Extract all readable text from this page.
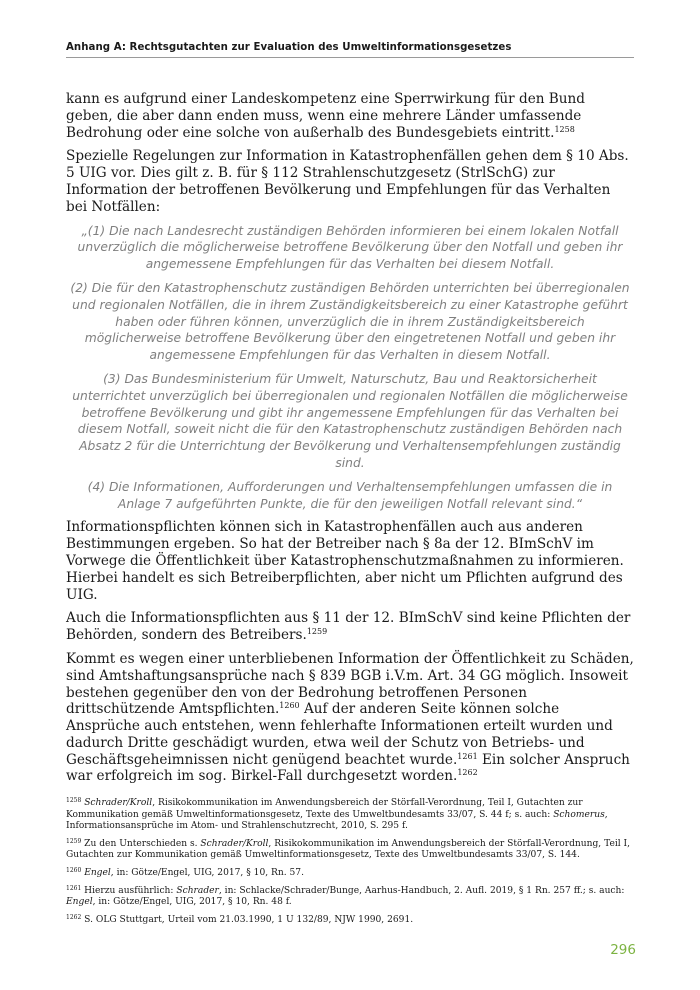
Anhang A: Rechtsgutachten zur Evaluation des Umweltinformationsgesetzes

kann es aufgrund einer Landeskompetenz eine Sperrwirkung für den Bund geben, die aber dann enden muss, wenn eine mehrere Länder umfassende Bedrohung oder eine solche von außerhalb des Bundesgebiets eintritt.$^{1258}$

Spezielle Regelungen zur Information in Katastrophenfällen gehen dem § 10 Abs. 5 UIG vor. Dies gilt z. B. für § 112 Strahlenschutzgesetz (StrlSchG) zur Information der betroffenen Bevölkerung und Empfehlungen für das Verhalten bei Notfällen:

„(1) Die nach Landesrecht zuständigen Behörden informieren bei einem lokalen Notfall unverzüglich die möglicherweise betroffene Bevölkerung über den Notfall und geben ihr angemessene Empfehlungen für das Verhalten bei diesem Notfall.
(2) Die für den Katastrophenschutz zuständigen Behörden unterrichten bei überregionalen und regionalen Notfällen, die in ihrem Zuständigkeitsbereich zu einer Katastrophe geführt haben oder führen können, unverzüglich die in ihrem Zuständigkeitsbereich möglicherweise betroffene Bevölkerung über den eingetretenen Notfall und geben ihr angemessene Empfehlungen für das Verhalten in diesem Notfall.
(3) Das Bundesministerium für Umwelt, Naturschutz, Bau und Reaktorsicherheit unterrichtet unverzüglich bei überregionalen und regionalen Notfällen die möglicherweise betroffene Bevölkerung und gibt ihr angemessene Empfehlungen für das Verhalten bei diesem Notfall, soweit nicht die für den Katastrophenschutz zuständigen Behörden nach Absatz 2 für die Unterrichtung der Bevölkerung und Verhaltensempfehlungen zuständig sind.
(4) Die Informationen, Aufforderungen und Verhaltensempfehlungen umfassen die in Anlage 7 aufgeführten Punkte, die für den jeweiligen Notfall relevant sind.“

Informationspflichten können sich in Katastrophenfällen auch aus anderen Bestimmungen ergeben. So hat der Betreiber nach § 8a der 12. BImSchV im Vorwege die Öffentlichkeit über Katastrophenschutzmaßnahmen zu informieren. Hierbei handelt es sich Betreiberpflichten, aber nicht um Pflichten aufgrund des UIG.

Auch die Informationspflichten aus § 11 der 12. BImSchV sind keine Pflichten der Behörden, sondern des Betreibers.$^{1259}$

Kommt es wegen einer unterbliebenen Information der Öffentlichkeit zu Schäden, sind Amtshaftungsansprüche nach § 839 BGB i.V.m. Art. 34 GG möglich. Insoweit bestehen gegenüber den von der Bedrohung betroffenen Personen drittschützende Amtspflichten.$^{1260}$ Auf der anderen Seite können solche Ansprüche auch entstehen, wenn fehlerhafte Informationen erteilt wurden und dadurch Dritte geschädigt wurden, etwa weil der Schutz von Betriebs- und Geschäftsgeheimnissen nicht genügend beachtet wurde.$^{1261}$ Ein solcher Anspruch war erfolgreich im sog. Birkel-Fall durchgesetzt worden.$^{1262}$

$^{1258}$ Schrader/Kroll, Risikokommunikation im Anwendungsbereich der Störfall-Verordnung, Teil I, Gutachten zur Kommunikation gemäß Umweltinformationsgesetz, Texte des Umweltbundesamts 33/07, S. 44 f; s. auch: Schomerus, Informationsansprüche im Atom- und Strahlenschutzrecht, 2010, S. 295 f.
$^{1259}$ Zu den Unterschieden s. Schrader/Kroll, Risikokommunikation im Anwendungsbereich der Störfall-Verordnung, Teil I, Gutachten zur Kommunikation gemäß Umweltinformationsgesetz, Texte des Umweltbundesamts 33/07, S. 144.
$^{1260}$ Engel, in: Götze/Engel, UIG, 2017, § 10, Rn. 57.
$^{1261}$ Hierzu ausführlich: Schrader, in: Schlacke/Schrader/Bunge, Aarhus-Handbuch, 2. Aufl. 2019, § 1 Rn. 257 ff.; s. auch: Engel, in: Götze/Engel, UIG, 2017, § 10, Rn. 48 f.
$^{1262}$ S. OLG Stuttgart, Urteil vom 21.03.1990, 1 U 132/89, NJW 1990, 2691.
296
